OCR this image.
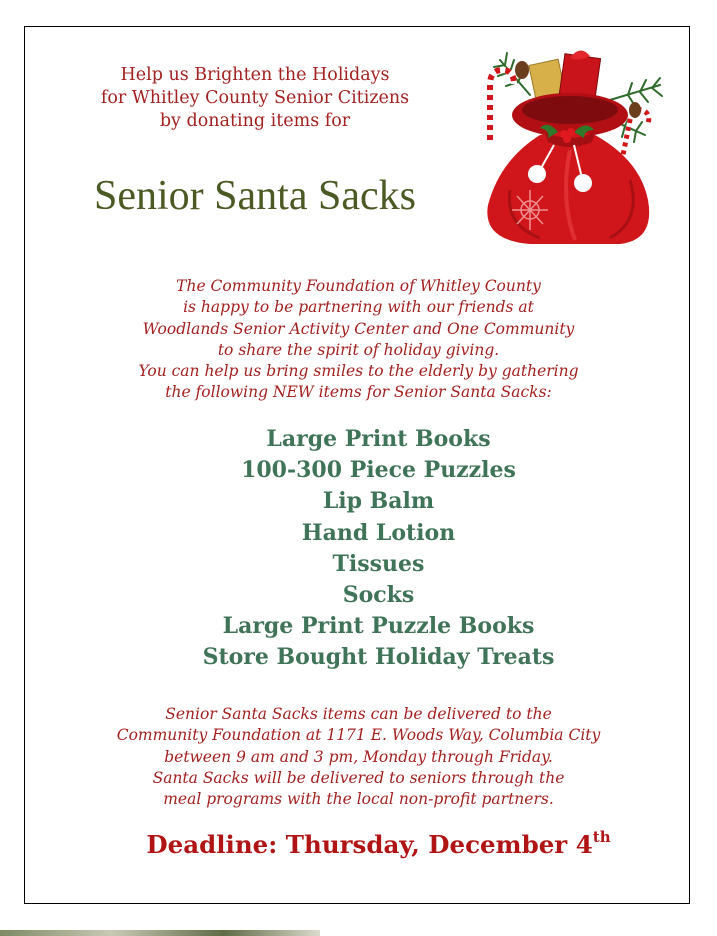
Help us Brighten the Holidays
for Whitley County Senior Citizens
by donating items for
Senior Santa Sacks
The Community Foundation of Whitley County
is happy to be partnering with our friends at
Woodlands Senior Activity Center and One Community
to share the spirit of holiday giving.
You can help us bring smiles to the elderly by gathering
the following NEW items for Senior Santa Sacks:
Large Print Books
100-300 Piece Puzzles
Lip Balm
Hand Lotion
Tissues
Socks
Large Print Puzzle Books
Store Bought Holiday Treats
Senior Santa Sacks items can be delivered to the
Community Foundation at 1171 E. Woods Way, Columbia City
between 9 am and 3 pm, Monday through Friday.
Santa Sacks will be delivered to seniors through the
meal programs with the local non-profit partners.
Deadline: Thursday, December 4th
